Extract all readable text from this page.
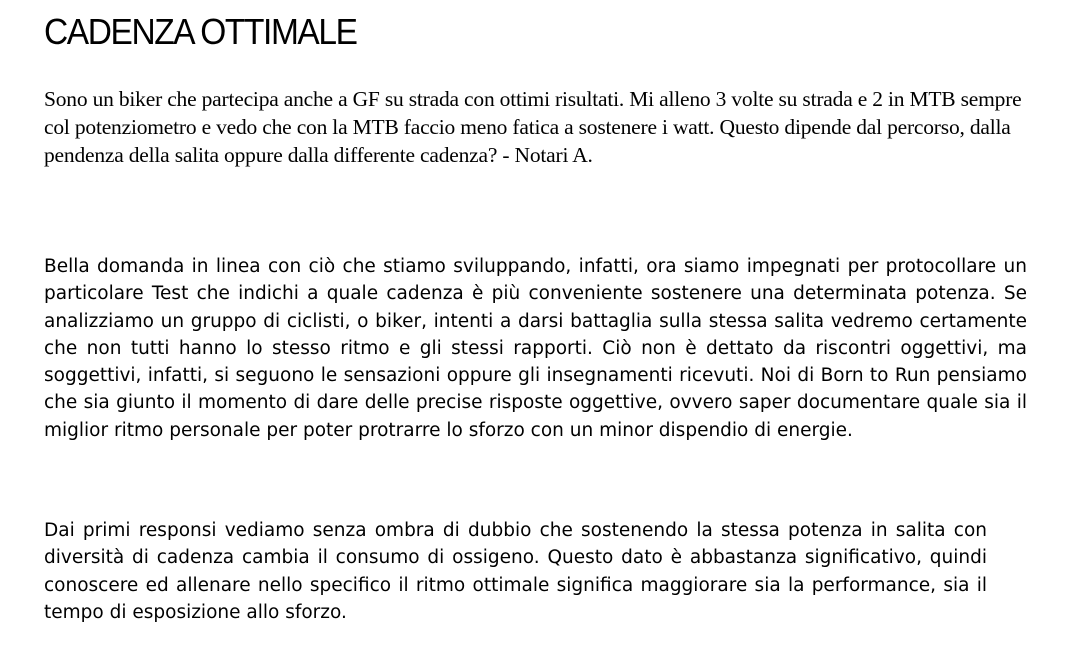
CADENZA OTTIMALE

Sono un biker che partecipa anche a GF su strada con ottimi risultati. Mi alleno 3 volte su strada e 2 in MTB sempre col potenziometro e vedo che con la MTB faccio meno fatica a sostenere i watt. Questo dipende dal percorso, dalla pendenza della salita oppure dalla differente cadenza? - Notari A.

Bella domanda in linea con ciò che stiamo sviluppando, infatti, ora siamo impegnati per protocollare un particolare Test che indichi a quale cadenza è più conveniente sostenere una determinata potenza. Se analizziamo un gruppo di ciclisti, o biker, intenti a darsi battaglia sulla stessa salita vedremo certamente che non tutti hanno lo stesso ritmo e gli stessi rapporti. Ciò non è dettato da riscontri oggettivi, ma soggettivi, infatti, si seguono le sensazioni oppure gli insegnamenti ricevuti. Noi di Born to Run pensiamo che sia giunto il momento di dare delle precise risposte oggettive, ovvero saper documentare quale sia il miglior ritmo personale per poter protrarre lo sforzo con un minor dispendio di energie.

Dai primi responsi vediamo senza ombra di dubbio che sostenendo la stessa potenza in salita con diversità di cadenza cambia il consumo di ossigeno. Questo dato è abbastanza significativo, quindi conoscere ed allenare nello specifico il ritmo ottimale significa maggiorare sia la performance, sia il tempo di esposizione allo sforzo.
